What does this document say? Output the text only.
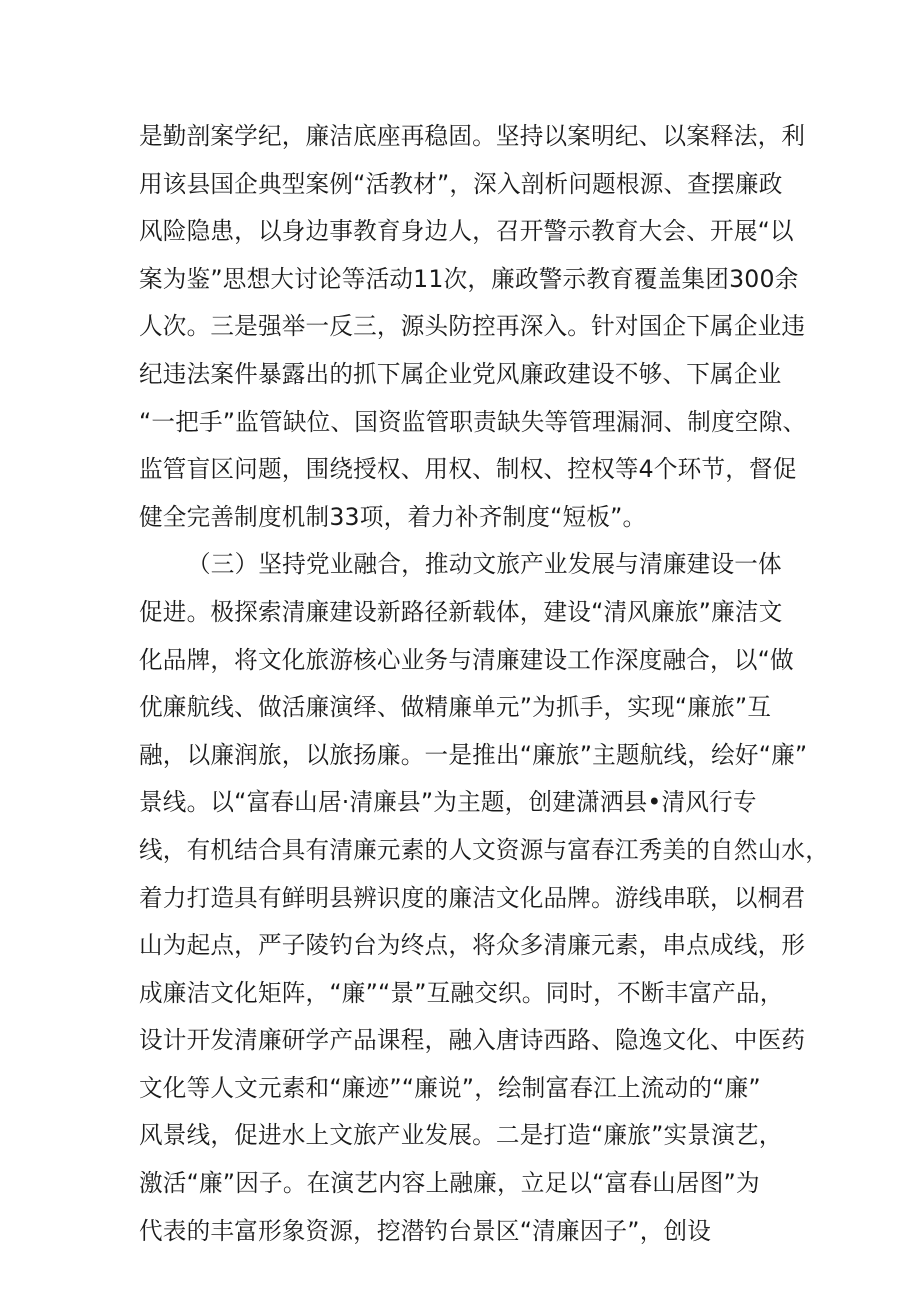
是勤剖案学纪，廉洁底座再稳固。坚持以案明纪、以案释法，利
用该县国企典型案例“活教材”，深入剖析问题根源、查摆廉政
风险隐患，以身边事教育身边人，召开警示教育大会、开展“以
案为鉴”思想大讨论等活动11次，廉政警示教育覆盖集团300余
人次。三是强举一反三，源头防控再深入。针对国企下属企业违
纪违法案件暴露出的抓下属企业党风廉政建设不够、下属企业
“一把手”监管缺位、国资监管职责缺失等管理漏洞、制度空隙、
监管盲区问题，围绕授权、用权、制权、控权等4个环节，督促
健全完善制度机制33项，着力补齐制度“短板”。
（三）坚持党业融合，推动文旅产业发展与清廉建设一体
促进。极探索清廉建设新路径新载体，建设“清风廉旅”廉洁文
化品牌，将文化旅游核心业务与清廉建设工作深度融合，以“做
优廉航线、做活廉演绎、做精廉单元”为抓手，实现“廉旅”互
融，以廉润旅，以旅扬廉。一是推出“廉旅”主题航线，绘好“廉”
景线。以“富春山居·清廉县”为主题，创建潇洒县•清风行专
线，有机结合具有清廉元素的人文资源与富春江秀美的自然山水，
着力打造具有鲜明县辨识度的廉洁文化品牌。游线串联，以桐君
山为起点，严子陵钓台为终点，将众多清廉元素，串点成线，形
成廉洁文化矩阵，“廉”“景”互融交织。同时，不断丰富产品，
设计开发清廉研学产品课程，融入唐诗西路、隐逸文化、中医药
文化等人文元素和“廉迹”“廉说”，绘制富春江上流动的“廉”
风景线，促进水上文旅产业发展。二是打造“廉旅”实景演艺，
激活“廉”因子。在演艺内容上融廉，立足以“富春山居图”为
代表的丰富形象资源，挖潜钓台景区“清廉因子”，创设
